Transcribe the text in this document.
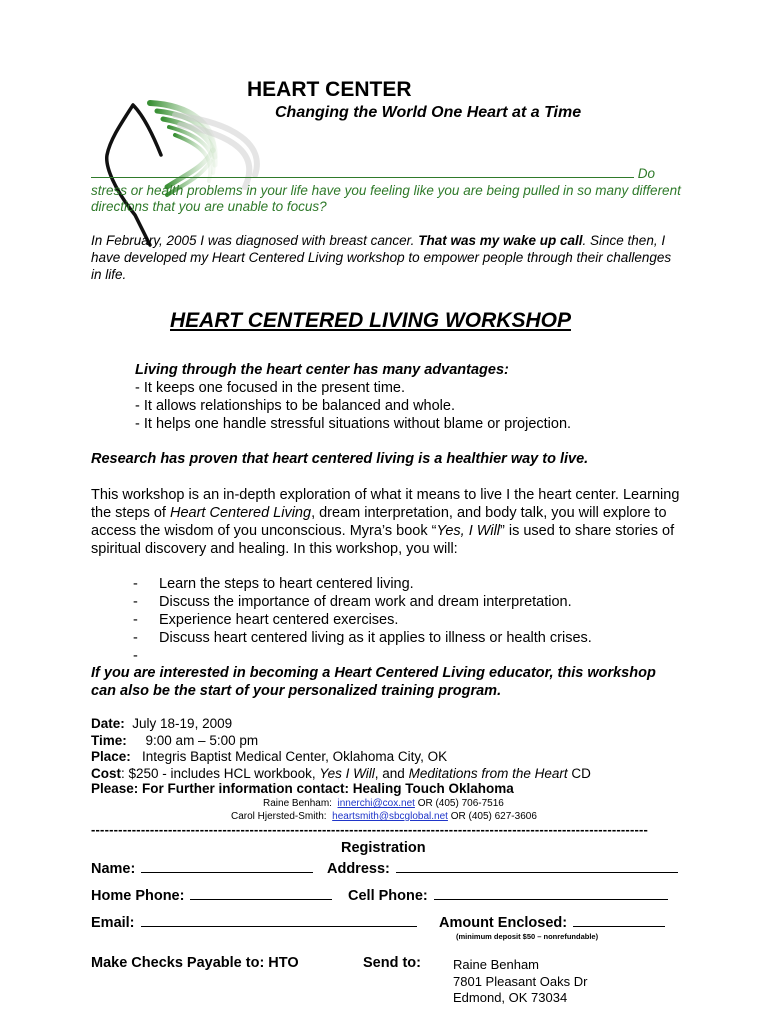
HEART CENTER
Changing the World One Heart at a Time
Do stress or health problems in your life have you feeling like you are being pulled in so many different directions that you are unable to focus?
In February, 2005 I was diagnosed with breast cancer. That was my wake up call. Since then, I have developed my Heart Centered Living workshop to empower people through their challenges in life.
HEART CENTERED LIVING WORKSHOP
Living through the heart center has many advantages:
- It keeps one focused in the present time.
- It allows relationships to be balanced and whole.
- It helps one handle stressful situations without blame or projection.
Research has proven that heart centered living is a healthier way to live.
This workshop is an in-depth exploration of what it means to live I the heart center. Learning the steps of Heart Centered Living, dream interpretation, and body talk, you will explore to access the wisdom of you unconscious. Myra’s book “Yes, I Will” is used to share stories of spiritual discovery and healing. In this workshop, you will:
-	Learn the steps to heart centered living.
-	Discuss the importance of dream work and dream interpretation.
-	Experience heart centered exercises.
-	Discuss heart centered living as it applies to illness or health crises.
-
If you are interested in becoming a Heart Centered Living educator, this workshop can also be the start of your personalized training program.
Date: July 18-19, 2009
Time: 9:00 am – 5:00 pm
Place: Integris Baptist Medical Center, Oklahoma City, OK
Cost: $250 - includes HCL workbook, Yes I Will, and Meditations from the Heart CD
Please: For Further information contact: Healing Touch Oklahoma
Raine Benham: innerchi@cox.net OR (405) 706-7516
Carol Hjersted-Smith: heartsmith@sbcglobal.net OR (405) 627-3606
---------------------------------------------------------------------------------------------------------------------------
Registration
Name:	Address:
Home Phone:	Cell Phone:
Email:	Amount Enclosed:
(minimum deposit $50 – nonrefundable)
Make Checks Payable to: HTO	Send to: Raine Benham
7801 Pleasant Oaks Dr
Edmond, OK 73034
